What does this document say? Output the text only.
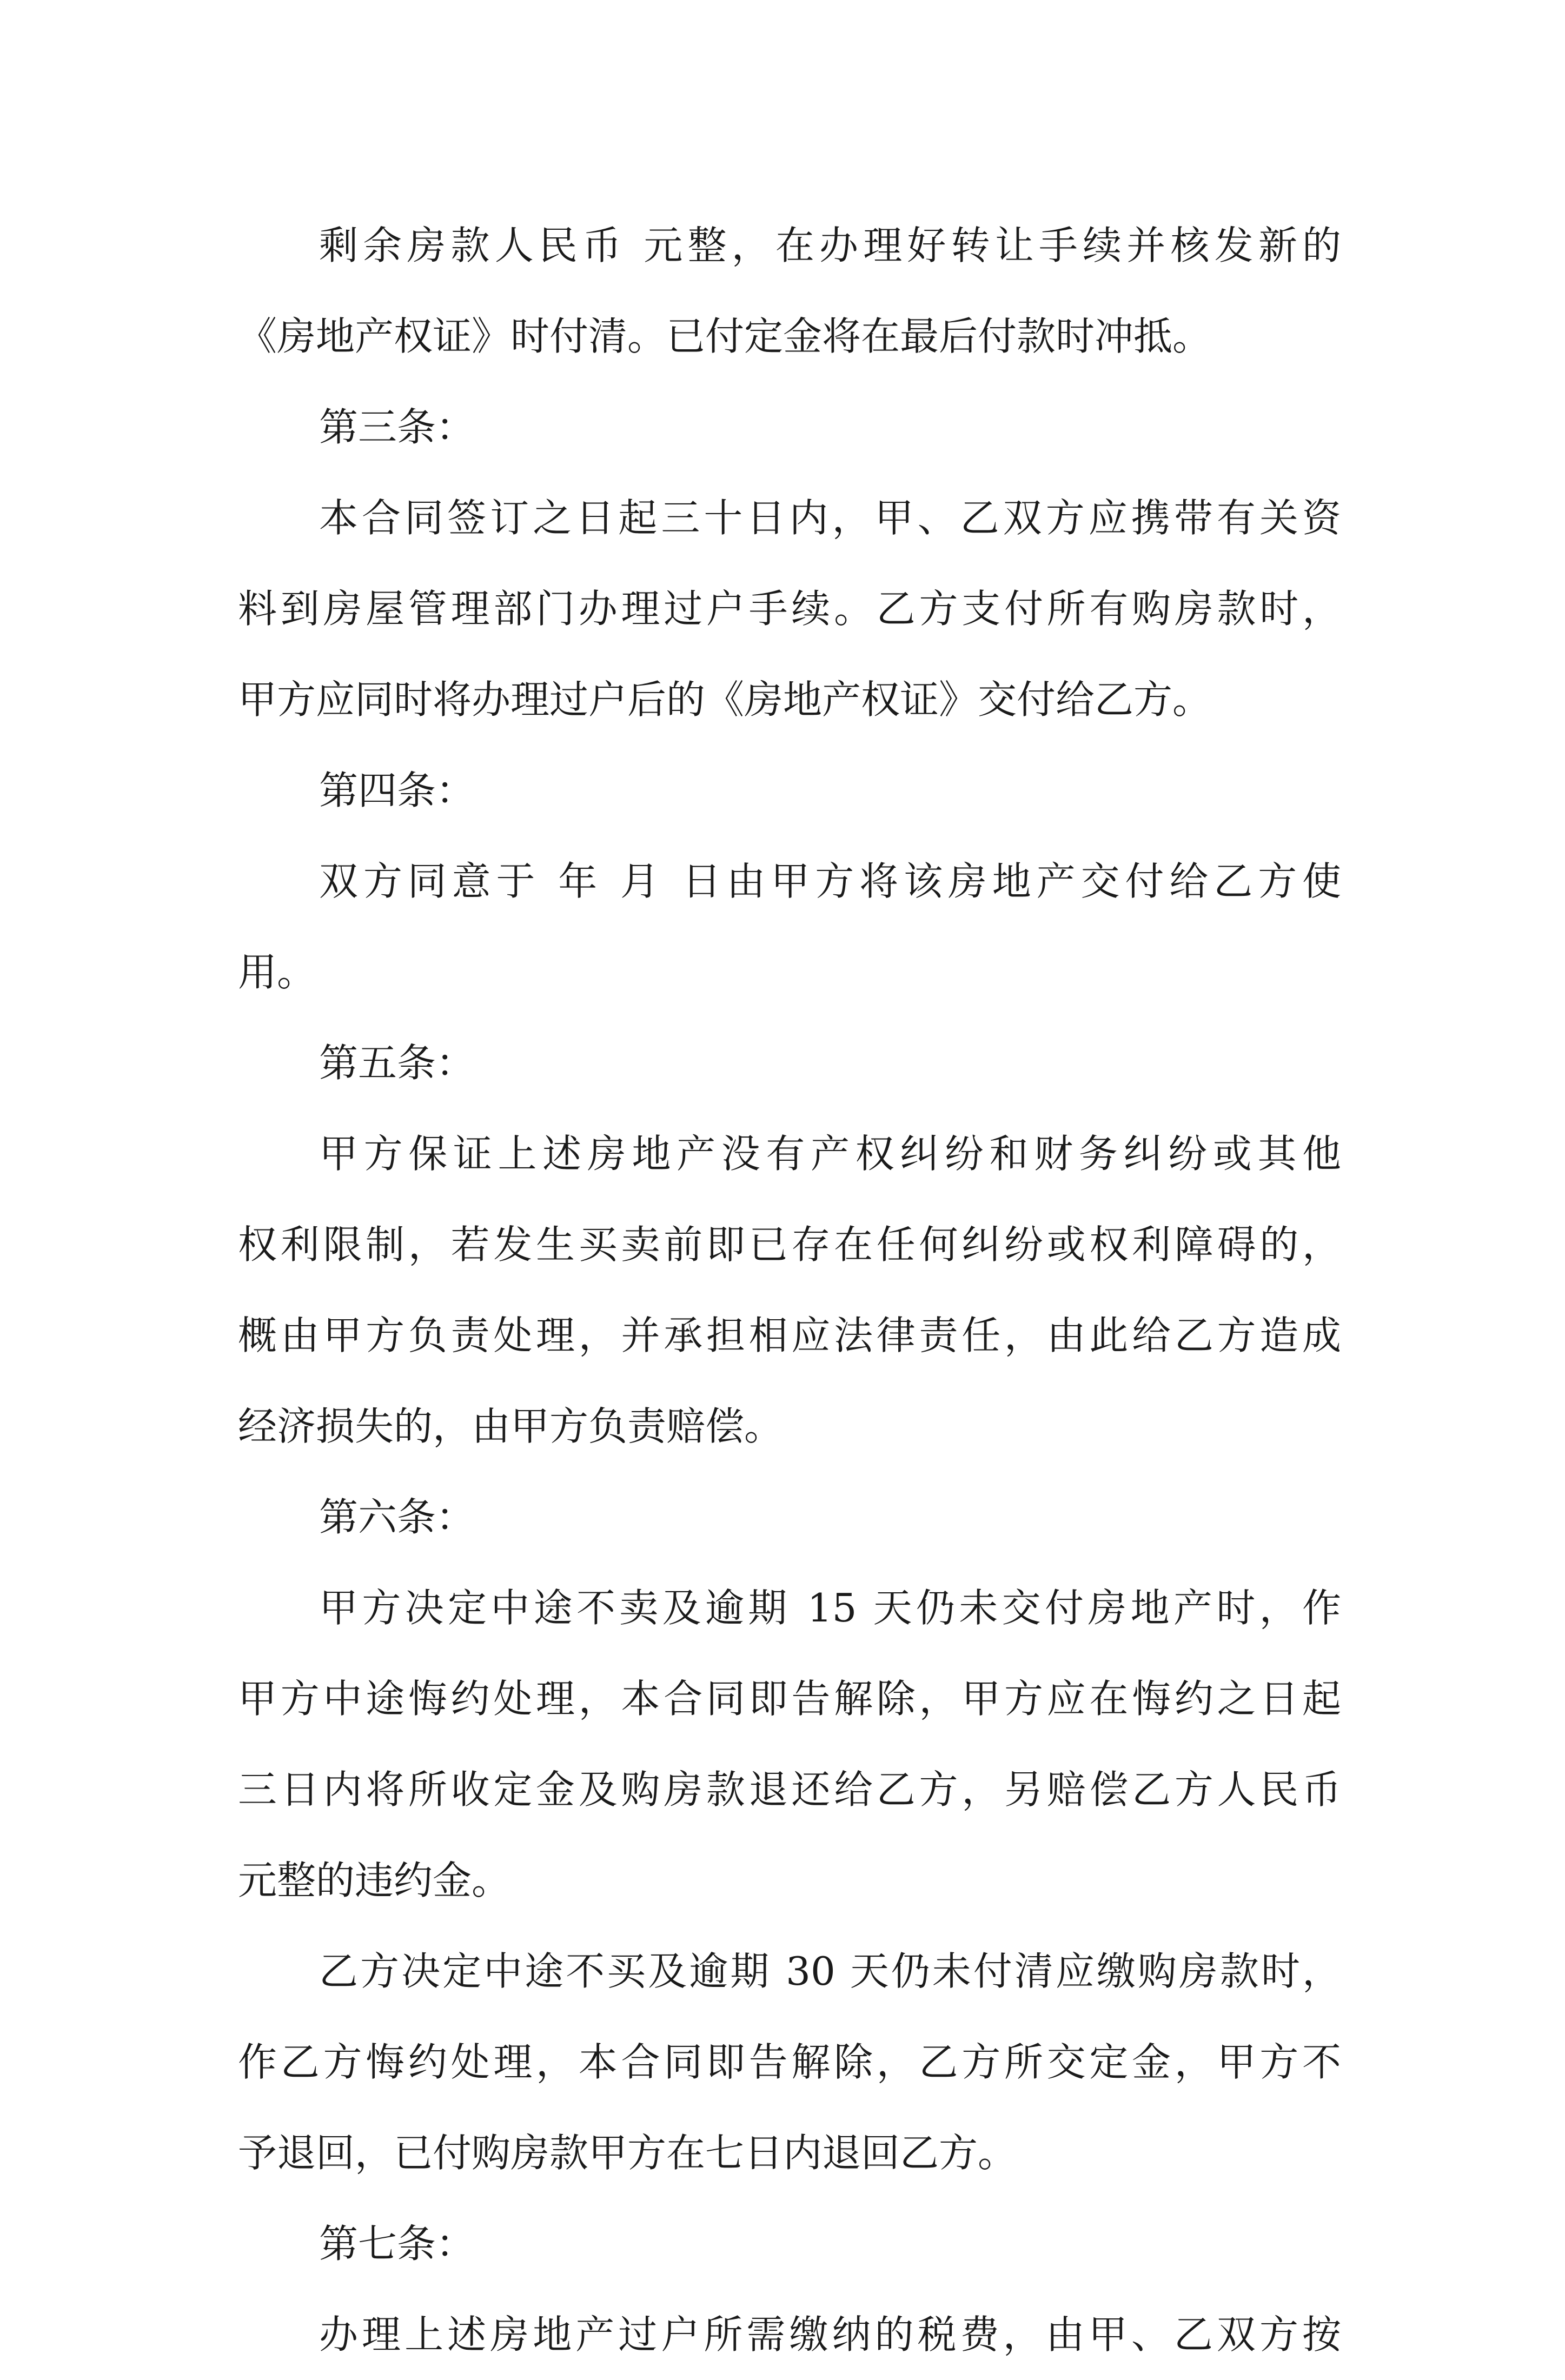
剩余房款人民币 元整，在办理好转让手续并核发新的
《房地产权证》时付清。已付定金将在最后付款时冲抵。
第三条：
本合同签订之日起三十日内，甲、乙双方应携带有关资
料到房屋管理部门办理过户手续。乙方支付所有购房款时，
甲方应同时将办理过户后的《房地产权证》交付给乙方。
第四条：
双方同意于 年 月 日由甲方将该房地产交付给乙方使
用。
第五条：
甲方保证上述房地产没有产权纠纷和财务纠纷或其他
权利限制，若发生买卖前即已存在任何纠纷或权利障碍的，
概由甲方负责处理，并承担相应法律责任，由此给乙方造成
经济损失的，由甲方负责赔偿。
第六条：
甲方决定中途不卖及逾期 15 天仍未交付房地产时，作
甲方中途悔约处理，本合同即告解除，甲方应在悔约之日起
三日内将所收定金及购房款退还给乙方，另赔偿乙方人民币
元整的违约金。
乙方决定中途不买及逾期 30 天仍未付清应缴购房款时，
作乙方悔约处理，本合同即告解除，乙方所交定金，甲方不
予退回，已付购房款甲方在七日内退回乙方。
第七条：
办理上述房地产过户所需缴纳的税费，由甲、乙双方按
